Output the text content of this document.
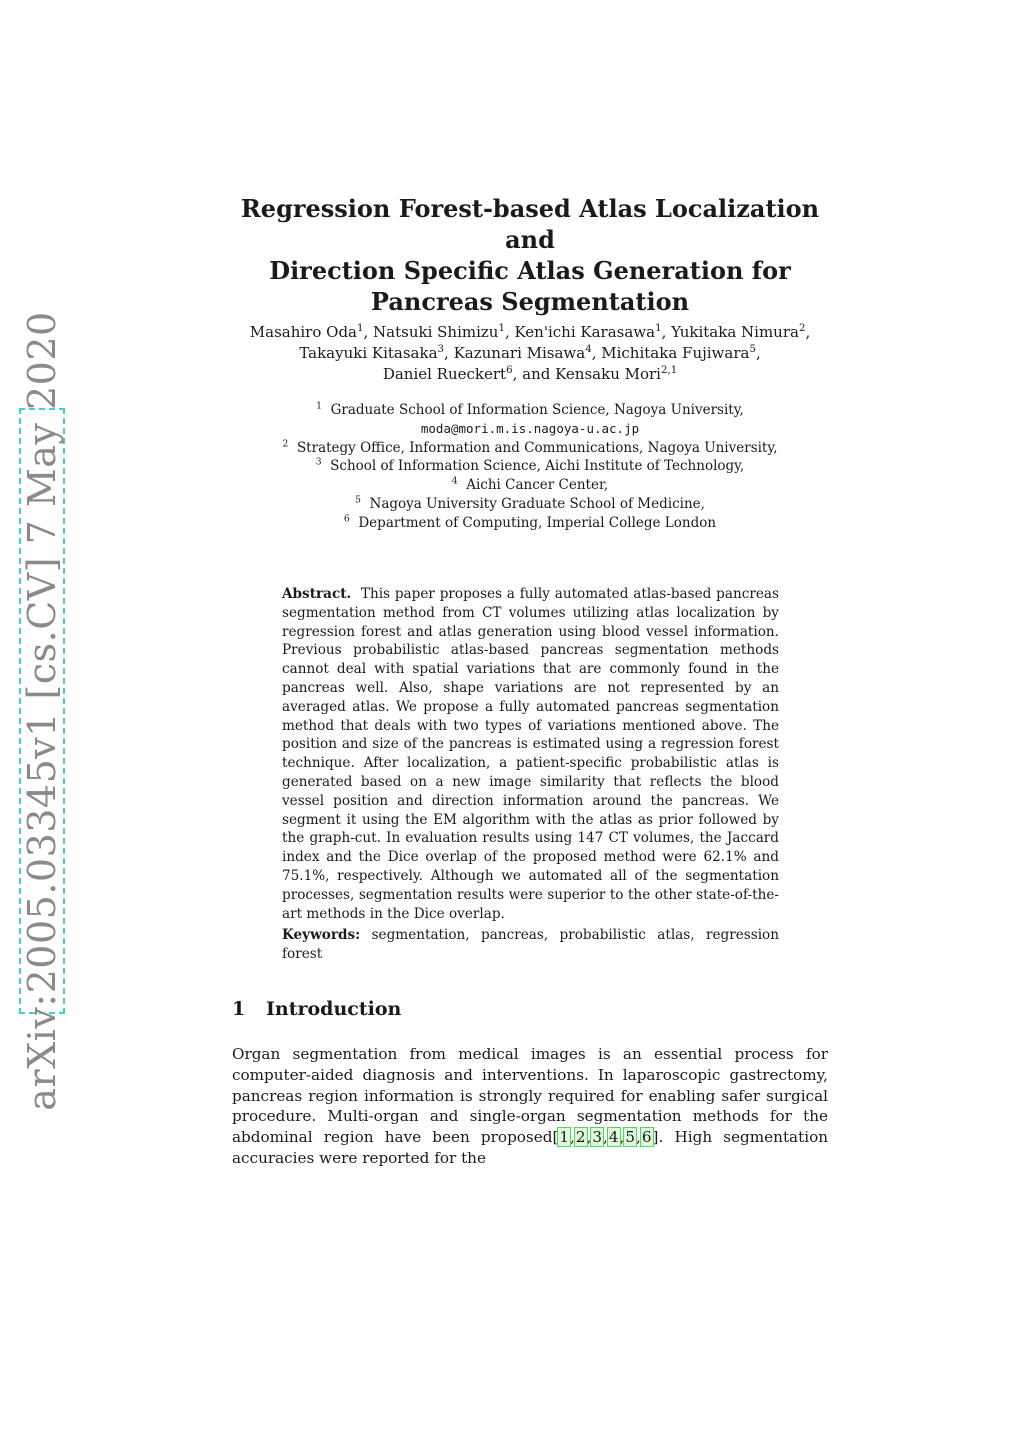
arXiv:2005.03345v1 [cs.CV] 7 May 2020
Regression Forest-based Atlas Localization and
Direction Specific Atlas Generation for
Pancreas Segmentation

Masahiro Oda$^1$, Natsuki Shimizu$^1$, Ken'ichi Karasawa$^1$, Yukitaka Nimura$^2$,
Takayuki Kitasaka$^3$, Kazunari Misawa$^4$, Michitaka Fujiwara$^5$,
Daniel Rueckert$^6$, and Kensaku Mori$^{2,1}$

$^1$ Graduate School of Information Science, Nagoya University,
moda@mori.m.is.nagoya-u.ac.jp
$^2$ Strategy Office, Information and Communications, Nagoya University,
$^3$ School of Information Science, Aichi Institute of Technology,
$^4$ Aichi Cancer Center,
$^5$ Nagoya University Graduate School of Medicine,
$^6$ Department of Computing, Imperial College London

Abstract. This paper proposes a fully automated atlas-based pancreas segmentation method from CT volumes utilizing atlas localization by regression forest and atlas generation using blood vessel information. Previous probabilistic atlas-based pancreas segmentation methods cannot deal with spatial variations that are commonly found in the pancreas well. Also, shape variations are not represented by an averaged atlas. We propose a fully automated pancreas segmentation method that deals with two types of variations mentioned above. The position and size of the pancreas is estimated using a regression forest technique. After localization, a patient-specific probabilistic atlas is generated based on a new image similarity that reflects the blood vessel position and direction information around the pancreas. We segment it using the EM algorithm with the atlas as prior followed by the graph-cut. In evaluation results using 147 CT volumes, the Jaccard index and the Dice overlap of the proposed method were 62.1% and 75.1%, respectively. Although we automated all of the segmentation processes, segmentation results were superior to the other state-of-the-art methods in the Dice overlap.

Keywords: segmentation, pancreas, probabilistic atlas, regression forest

1 Introduction

Organ segmentation from medical images is an essential process for computer-aided diagnosis and interventions. In laparoscopic gastrectomy, pancreas region information is strongly required for enabling safer surgical procedure. Multi-organ and single-organ segmentation methods for the abdominal region have been proposed[1,2,3,4,5,6]. High segmentation accuracies were reported for the
